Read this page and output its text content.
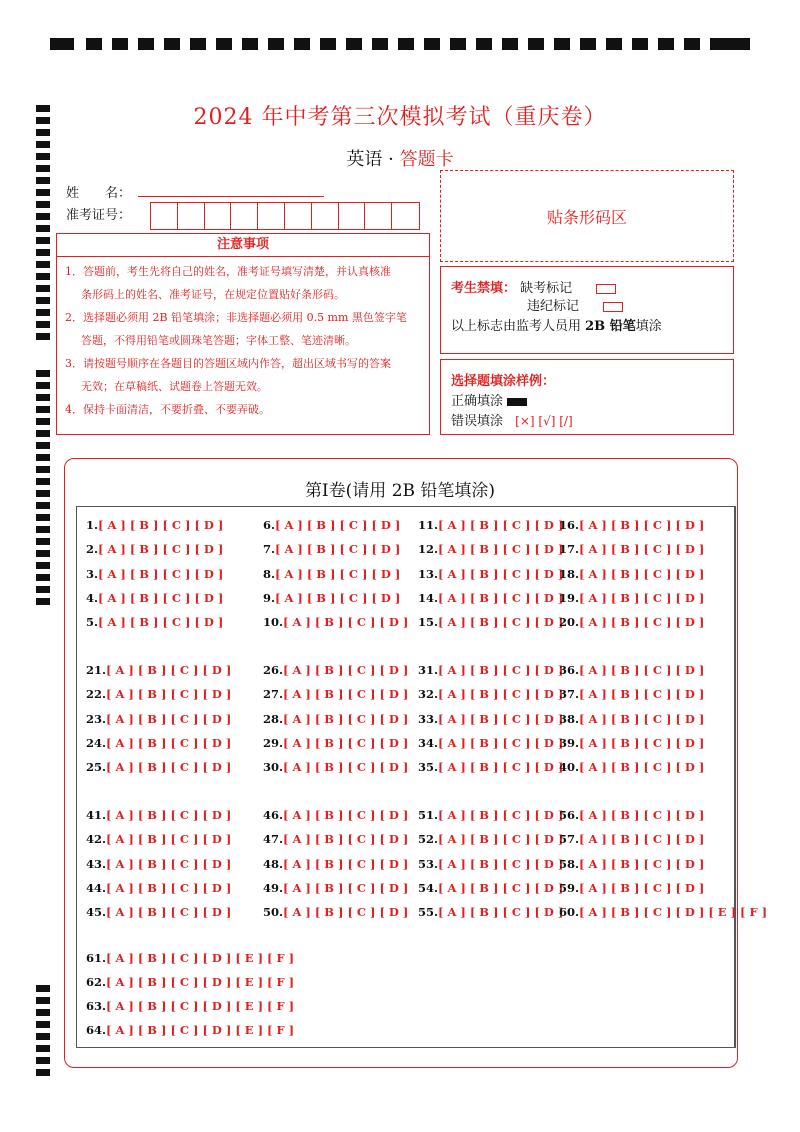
2024 年中考第三次模拟考试（重庆卷）
英语 · 答题卡
姓　　名：
准考证号：	贴条形码区
注意事项
1．答题前，考生先将自己的姓名，准考证号填写清楚，并认真核准
条形码上的姓名、准考证号，在规定位置贴好条形码。
2．选择题必须用 2B 铅笔填涂；非选择题必须用 0.5 mm 黑色签字笔
答题，不得用铅笔或圆珠笔答题；字体工整、笔迹清晰。
3．请按题号顺序在各题目的答题区域内作答，超出区域书写的答案
无效；在草稿纸、试题卷上答题无效。
4．保持卡面清洁，不要折叠、不要弄破。
考生禁填： 缺考标记
违纪标记
以上标志由监考人员用 2B 铅笔填涂
选择题填涂样例：
正确填涂
错误填涂 [×] [√] [/]
第Ⅰ卷(请用 2B 铅笔填涂)
1.[ A ] [ B ] [ C ] [ D ]
2.[ A ] [ B ] [ C ] [ D ]
3.[ A ] [ B ] [ C ] [ D ]
4.[ A ] [ B ] [ C ] [ D ]
5.[ A ] [ B ] [ C ] [ D ]
6.[ A ] [ B ] [ C ] [ D ]
7.[ A ] [ B ] [ C ] [ D ]
8.[ A ] [ B ] [ C ] [ D ]
9.[ A ] [ B ] [ C ] [ D ]
10.[ A ] [ B ] [ C ] [ D ]
11.[ A ] [ B ] [ C ] [ D ]
12.[ A ] [ B ] [ C ] [ D ]
13.[ A ] [ B ] [ C ] [ D ]
14.[ A ] [ B ] [ C ] [ D ]
15.[ A ] [ B ] [ C ] [ D ]
16.[ A ] [ B ] [ C ] [ D ]
17.[ A ] [ B ] [ C ] [ D ]
18.[ A ] [ B ] [ C ] [ D ]
19.[ A ] [ B ] [ C ] [ D ]
20.[ A ] [ B ] [ C ] [ D ]
21.[ A ] [ B ] [ C ] [ D ]
22.[ A ] [ B ] [ C ] [ D ]
23.[ A ] [ B ] [ C ] [ D ]
24.[ A ] [ B ] [ C ] [ D ]
25.[ A ] [ B ] [ C ] [ D ]
26.[ A ] [ B ] [ C ] [ D ]
27.[ A ] [ B ] [ C ] [ D ]
28.[ A ] [ B ] [ C ] [ D ]
29.[ A ] [ B ] [ C ] [ D ]
30.[ A ] [ B ] [ C ] [ D ]
31.[ A ] [ B ] [ C ] [ D ]
32.[ A ] [ B ] [ C ] [ D ]
33.[ A ] [ B ] [ C ] [ D ]
34.[ A ] [ B ] [ C ] [ D ]
35.[ A ] [ B ] [ C ] [ D ]
36.[ A ] [ B ] [ C ] [ D ]
37.[ A ] [ B ] [ C ] [ D ]
38.[ A ] [ B ] [ C ] [ D ]
39.[ A ] [ B ] [ C ] [ D ]
40.[ A ] [ B ] [ C ] [ D ]
41.[ A ] [ B ] [ C ] [ D ]
42.[ A ] [ B ] [ C ] [ D ]
43.[ A ] [ B ] [ C ] [ D ]
44.[ A ] [ B ] [ C ] [ D ]
45.[ A ] [ B ] [ C ] [ D ]
46.[ A ] [ B ] [ C ] [ D ]
47.[ A ] [ B ] [ C ] [ D ]
48.[ A ] [ B ] [ C ] [ D ]
49.[ A ] [ B ] [ C ] [ D ]
50.[ A ] [ B ] [ C ] [ D ]
51.[ A ] [ B ] [ C ] [ D ]
52.[ A ] [ B ] [ C ] [ D ]
53.[ A ] [ B ] [ C ] [ D ]
54.[ A ] [ B ] [ C ] [ D ]
55.[ A ] [ B ] [ C ] [ D ]
56.[ A ] [ B ] [ C ] [ D ]
57.[ A ] [ B ] [ C ] [ D ]
58.[ A ] [ B ] [ C ] [ D ]
59.[ A ] [ B ] [ C ] [ D ]
60.[ A ] [ B ] [ C ] [ D ] [ E ] [ F ]
61.[ A ] [ B ] [ C ] [ D ] [ E ] [ F ]
62.[ A ] [ B ] [ C ] [ D ] [ E ] [ F ]
63.[ A ] [ B ] [ C ] [ D ] [ E ] [ F ]
64.[ A ] [ B ] [ C ] [ D ] [ E ] [ F ]
